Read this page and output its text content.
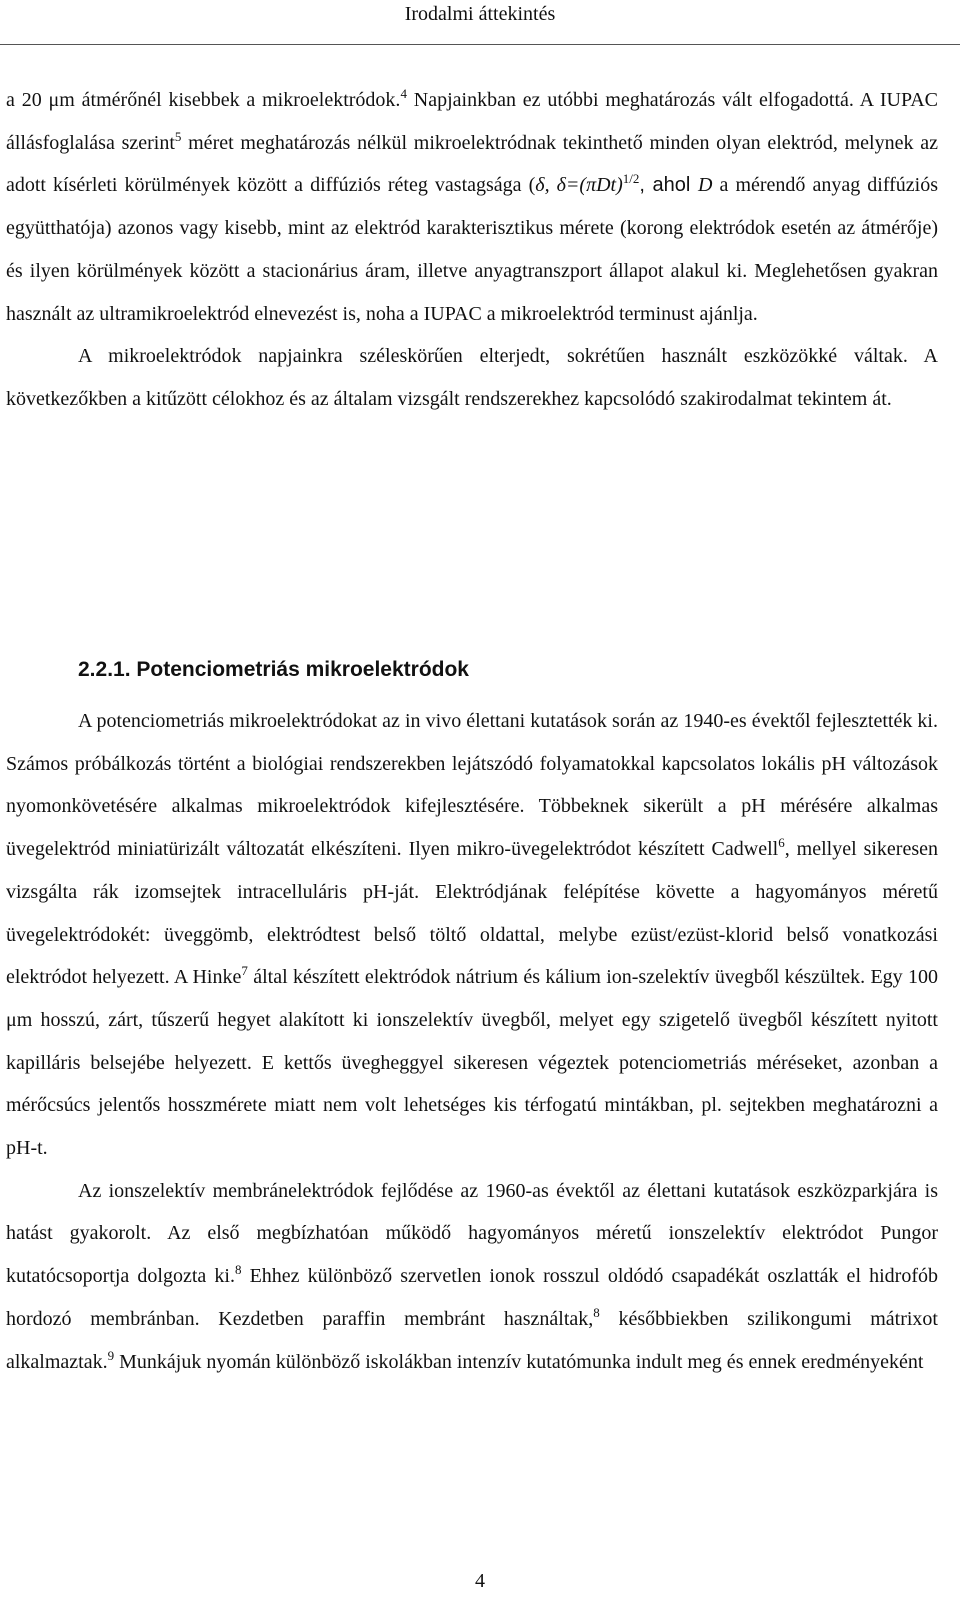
Irodalmi áttekintés

a 20 μm átmérőnél kisebbek a mikroelektródok.$^4$ Napjainkban ez utóbbi meghatározás vált elfogadottá. A IUPAC állásfoglalása szerint$^5$ méret meghatározás nélkül mikroelektródnak tekinthető minden olyan elektród, melynek az adott kísérleti körülmények között a diffúziós réteg vastagsága (δ, $\delta=(\pi Dt)^{1/2}$, ahol D a mérendő anyag diffúziós együtthatója) azonos vagy kisebb, mint az elektród karakterisztikus mérete (korong elektródok esetén az átmérője) és ilyen körülmények között a stacionárius áram, illetve anyagtranszport állapot alakul ki. Meglehetősen gyakran használt az ultramikroelektród elnevezést is, noha a IUPAC a mikroelektród terminust ajánlja.

A mikroelektródok napjainkra széleskörűen elterjedt, sokrétűen használt eszközökké váltak. A következőkben a kitűzött célokhoz és az általam vizsgált rendszerekhez kapcsolódó szakirodalmat tekintem át.

2.2.1. Potenciometriás mikroelektródok

A potenciometriás mikroelektródokat az in vivo élettani kutatások során az 1940-es évektől fejlesztették ki. Számos próbálkozás történt a biológiai rendszerekben lejátszódó folyamatokkal kapcsolatos lokális pH változások nyomonkövetésére alkalmas mikroelektródok kifejlesztésére. Többeknek sikerült a pH mérésére alkalmas üvegelektród miniatürizált változatát elkészíteni. Ilyen mikro-üvegelektródot készített Cadwell$^6$, mellyel sikeresen vizsgálta rák izomsejtek intracelluláris pH-ját. Elektródjának felépítése követte a hagyományos méretű üvegelektródokét: üveggömb, elektródtest belső töltő oldattal, melybe ezüst/ezüst-klorid belső vonatkozási elektródot helyezett. A Hinke$^7$ által készített elektródok nátrium és kálium ion-szelektív üvegből készültek. Egy 100 μm hosszú, zárt, tűszerű hegyet alakított ki ionszelektív üvegből, melyet egy szigetelő üvegből készített nyitott kapilláris belsejébe helyezett. E kettős üvegheggyel sikeresen végeztek potenciometriás méréseket, azonban a mérőcsúcs jelentős hosszmérete miatt nem volt lehetséges kis térfogatú mintákban, pl. sejtekben meghatározni a pH-t.

Az ionszelektív membránelektródok fejlődése az 1960-as évektől az élettani kutatások eszközparkjára is hatást gyakorolt. Az első megbízhatóan működő hagyományos méretű ionszelektív elektródot Pungor kutatócsoportja dolgozta ki.$^8$ Ehhez különböző szervetlen ionok rosszul oldódó csapadékát oszlatták el hidrofób hordozó membránban. Kezdetben paraffin membránt használtak,$^8$ későbbiekben szilikongumi mátrixot alkalmaztak.$^9$ Munkájuk nyomán különböző iskolákban intenzív kutatómunka indult meg és ennek eredményeként

4
